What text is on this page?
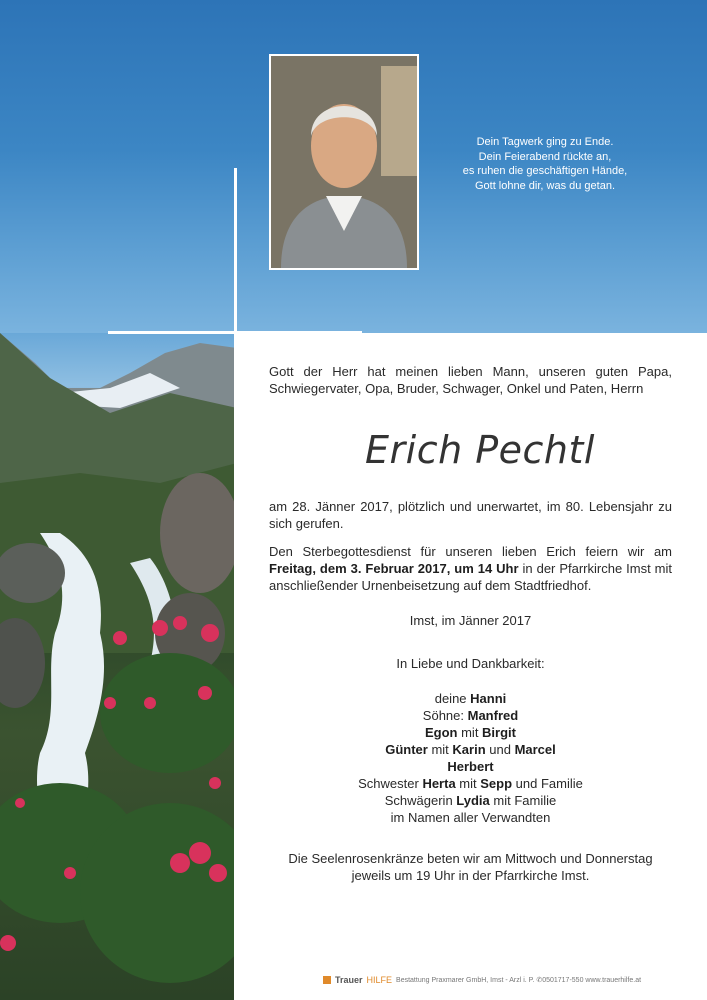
Dein Tagwerk ging zu Ende.
Dein Feierabend rückte an,
es ruhen die geschäftigen Hände,
Gott lohne dir, was du getan.
Gott der Herr hat meinen lieben Mann, unseren guten Papa, Schwiegervater, Opa, Bruder, Schwager, Onkel und Paten, Herrn
Erich Pechtl
am 28. Jänner 2017, plötzlich und unerwartet, im 80. Lebensjahr zu sich gerufen.
Den Sterbegottesdienst für unseren lieben Erich feiern wir am Freitag, dem 3. Februar 2017, um 14 Uhr in der Pfarrkirche Imst mit anschließender Urnenbeisetzung auf dem Stadtfriedhof.
Imst, im Jänner 2017
In Liebe und Dankbarkeit:
deine Hanni
Söhne: Manfred
Egon mit Birgit
Günter mit Karin und Marcel
Herbert
Schwester Herta mit Sepp und Familie
Schwägerin Lydia mit Familie
im Namen aller Verwandten
Die Seelenrosenkränze beten wir am Mittwoch und Donnerstag
jeweils um 19 Uhr in der Pfarrkirche Imst.
Trauer HILFE Bestattung Praxmarer GmbH, Imst - Arzl i. P. ✆0501717-550 www.trauerhilfe.at
